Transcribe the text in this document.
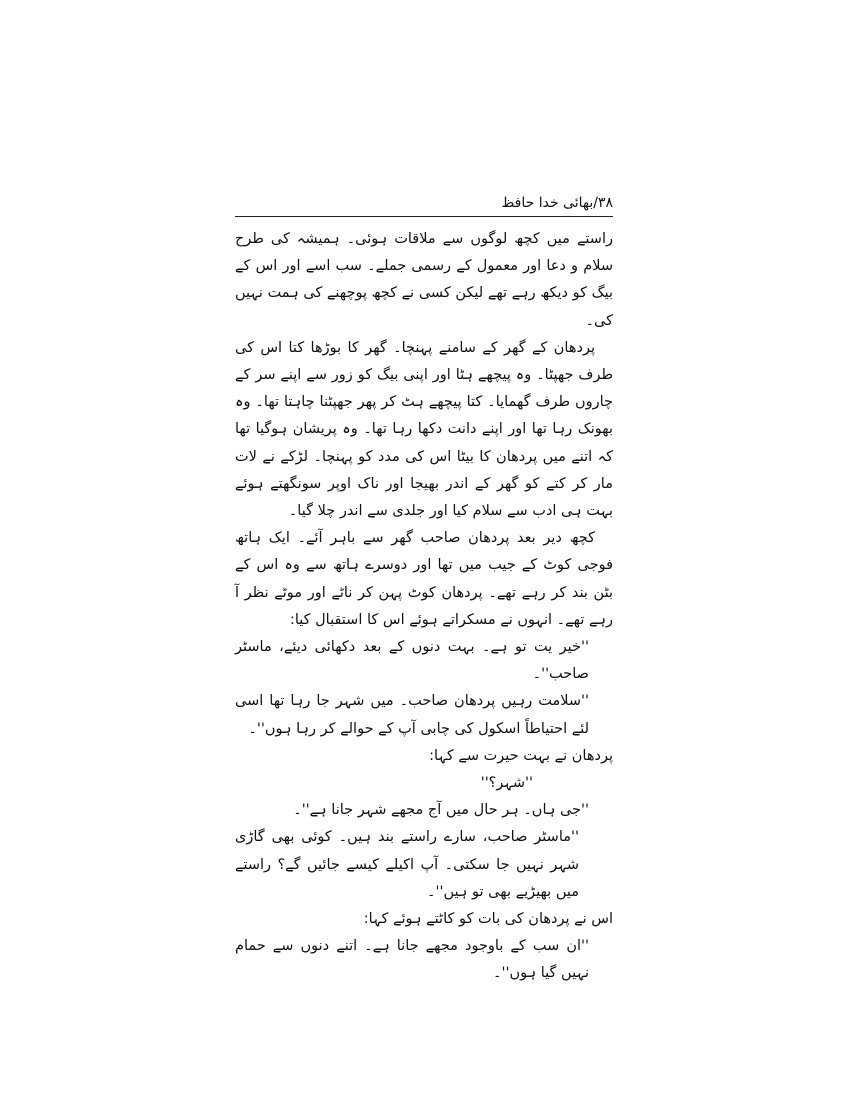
۳۸/بھائی خدا حافظ

راستے میں کچھ لوگوں سے ملاقات ہوئی۔ ہمیشہ کی طرح سلام و دعا اور معمول کے رسمی جملے۔ سب اسے اور اس کے بیگ کو دیکھ رہے تھے لیکن کسی نے کچھ پوچھنے کی ہمت نہیں کی۔

پردھان کے گھر کے سامنے پہنچا۔ گھر کا بوڑھا کتا اس کی طرف جھپٹا۔ وہ پیچھے ہٹا اور اپنی بیگ کو زور سے اپنے سر کے چاروں طرف گھمایا۔ کتا پیچھے ہٹ کر پھر جھپٹنا چاہتا تھا۔ وہ بھونک رہا تھا اور اپنے دانت دکھا رہا تھا۔ وہ پریشان ہوگیا تھا کہ اتنے میں پردھان کا بیٹا اس کی مدد کو پہنچا۔ لڑکے نے لات مار کر کتے کو گھر کے اندر بھیجا اور ناک اوپر سونگھتے ہوئے بہت ہی ادب سے سلام کیا اور جلدی سے اندر چلا گیا۔

کچھ دیر بعد پردھان صاحب گھر سے باہر آئے۔ ایک ہاتھ فوجی کوٹ کے جیب میں تھا اور دوسرے ہاتھ سے وہ اس کے بٹن بند کر رہے تھے۔ پردھان کوٹ پہن کر ناٹے اور موٹے نظر آ رہے تھے۔ انہوں نے مسکراتے ہوئے اس کا استقبال کیا:

''خیر یت تو ہے۔ بہت دنوں کے بعد دکھائی دیئے، ماسٹر صاحب''۔

''سلامت رہیں پردھان صاحب۔ میں شہر جا رہا تھا اسی لئے احتیاطاً اسکول کی چابی آپ کے حوالے کر رہا ہوں''۔

پردھان نے بہت حیرت سے کہا:

''شہر؟''

''جی ہاں۔ ہر حال میں آج مجھے شہر جانا ہے''۔

''ماسٹر صاحب، سارے راستے بند ہیں۔ کوئی بھی گاڑی شہر نہیں جا سکتی۔ آپ اکیلے کیسے جائیں گے؟ راستے میں بھیڑیے بھی تو ہیں''۔

اس نے پردھان کی بات کو کاٹتے ہوئے کہا:

''ان سب کے باوجود مجھے جانا ہے۔ اتنے دنوں سے حمام نہیں گیا ہوں''۔
